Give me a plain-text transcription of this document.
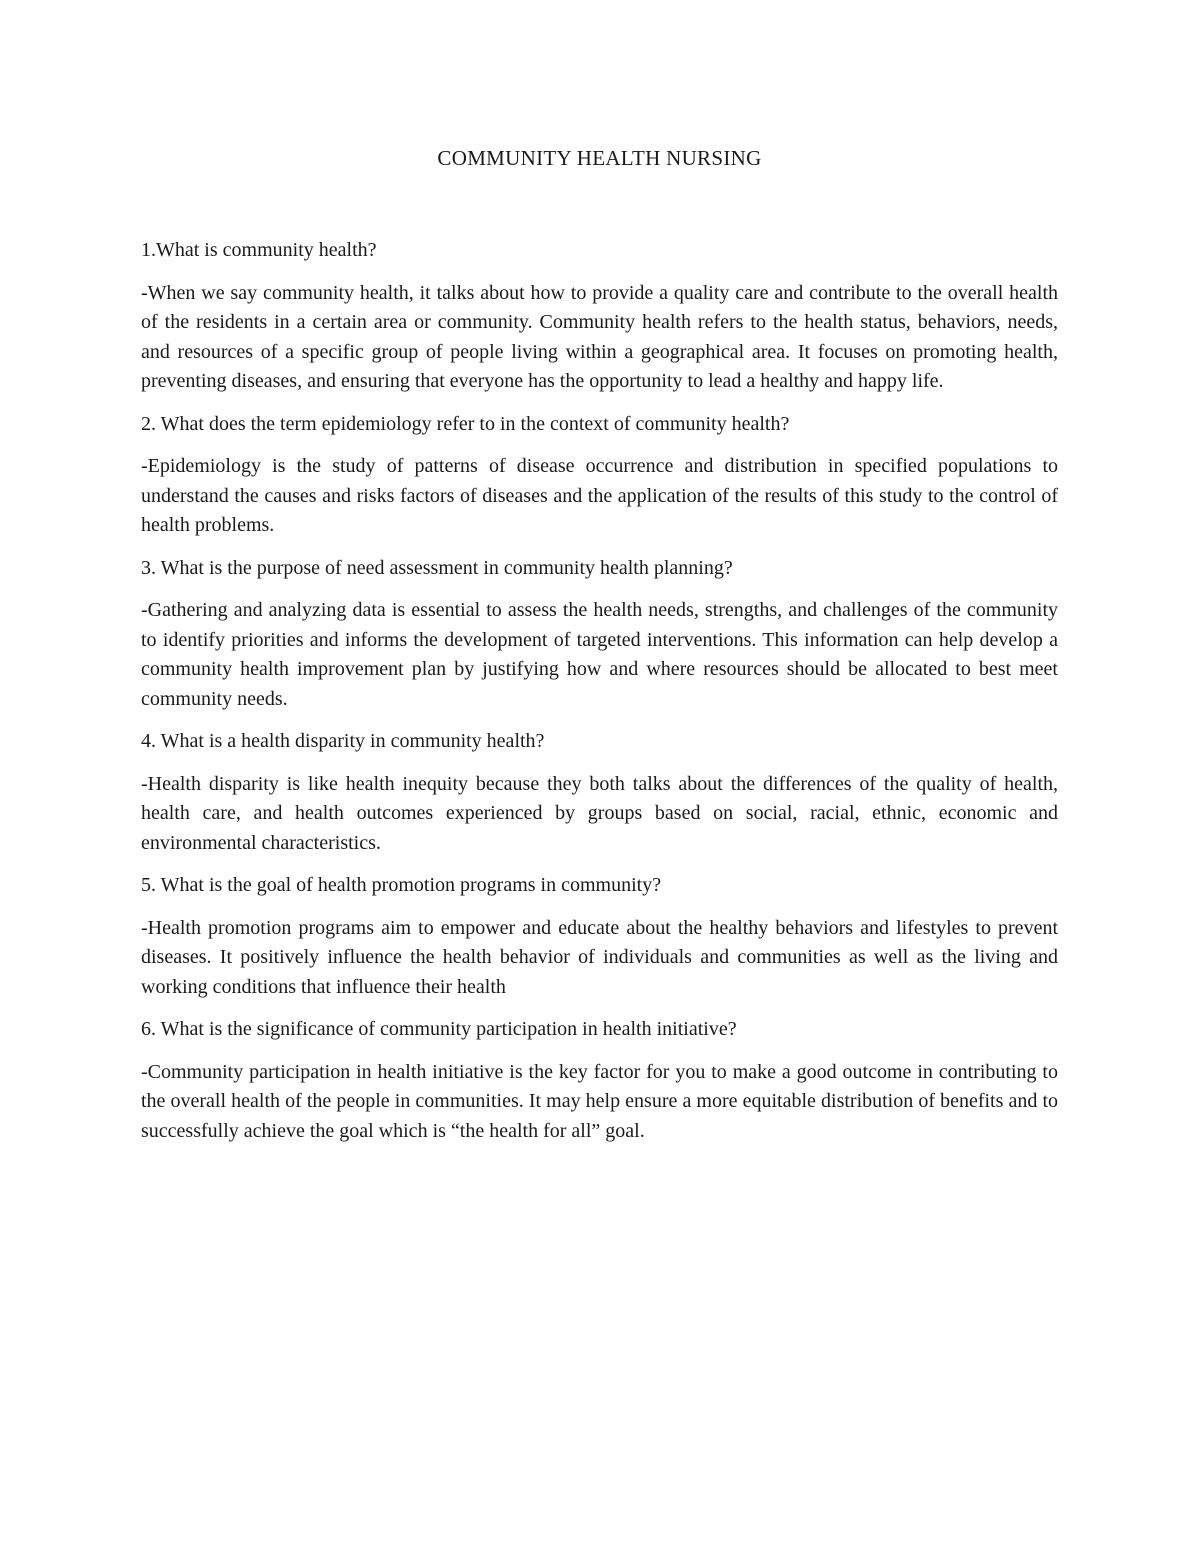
COMMUNITY HEALTH NURSING

1.What is community health?

-When we say community health, it talks about how to provide a quality care and contribute to the overall health of the residents in a certain area or community. Community health refers to the health status, behaviors, needs, and resources of a specific group of people living within a geographical area. It focuses on promoting health, preventing diseases, and ensuring that everyone has the opportunity to lead a healthy and happy life.

2. What does the term epidemiology refer to in the context of community health?

-Epidemiology is the study of patterns of disease occurrence and distribution in specified populations to understand the causes and risks factors of diseases and the application of the results of this study to the control of health problems.

3. What is the purpose of need assessment in community health planning?

-Gathering and analyzing data is essential to assess the health needs, strengths, and challenges of the community to identify priorities and informs the development of targeted interventions. This information can help develop a community health improvement plan by justifying how and where resources should be allocated to best meet community needs.

4. What is a health disparity in community health?

-Health disparity is like health inequity because they both talks about the differences of the quality of health, health care, and health outcomes experienced by groups based on social, racial, ethnic, economic and environmental characteristics.

5. What is the goal of health promotion programs in community?

-Health promotion programs aim to empower and educate about the healthy behaviors and lifestyles to prevent diseases. It positively influence the health behavior of individuals and communities as well as the living and working conditions that influence their health

6. What is the significance of community participation in health initiative?

-Community participation in health initiative is the key factor for you to make a good outcome in contributing to the overall health of the people in communities. It may help ensure a more equitable distribution of benefits and to successfully achieve the goal which is “the health for all” goal.
